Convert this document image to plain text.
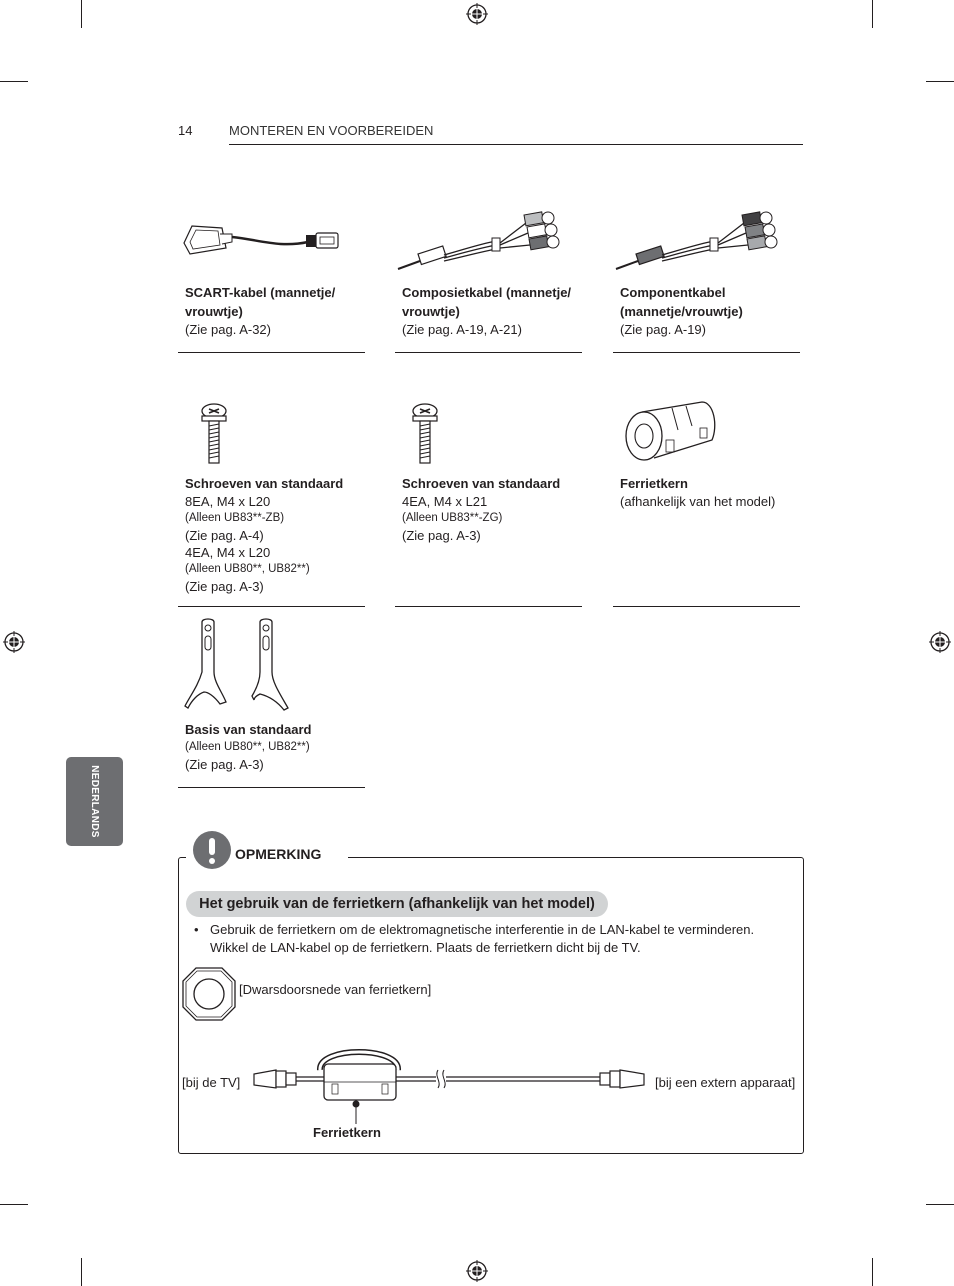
14	MONTEREN EN VOORBEREIDEN
NEDERLANDS
SCART-kabel (mannetje/ vrouwtje)
(Zie pag. A-32)
Composietkabel (mannetje/ vrouwtje)
(Zie pag. A-19, A-21)
Componentkabel (mannetje/vrouwtje)
(Zie pag. A-19)
Schroeven van standaard
8EA, M4 x L20
(Alleen UB83**-ZB)
(Zie pag. A-4)
4EA, M4 x L20
(Alleen UB80**, UB82**)
(Zie pag. A-3)
Schroeven van standaard
4EA, M4 x L21
(Alleen UB83**-ZG)
(Zie pag. A-3)
Ferrietkern
(afhankelijk van het model)
Basis van standaard
(Alleen UB80**, UB82**)
(Zie pag. A-3)
OPMERKING
Het gebruik van de ferrietkern (afhankelijk van het model)
• Gebruik de ferrietkern om de elektromagnetische interferentie in de LAN-kabel te verminderen.
Wikkel de LAN-kabel op de ferrietkern. Plaats de ferrietkern dicht bij de TV.
[Dwarsdoorsnede van ferrietkern]
[bij de TV]	[bij een extern apparaat]
Ferrietkern
